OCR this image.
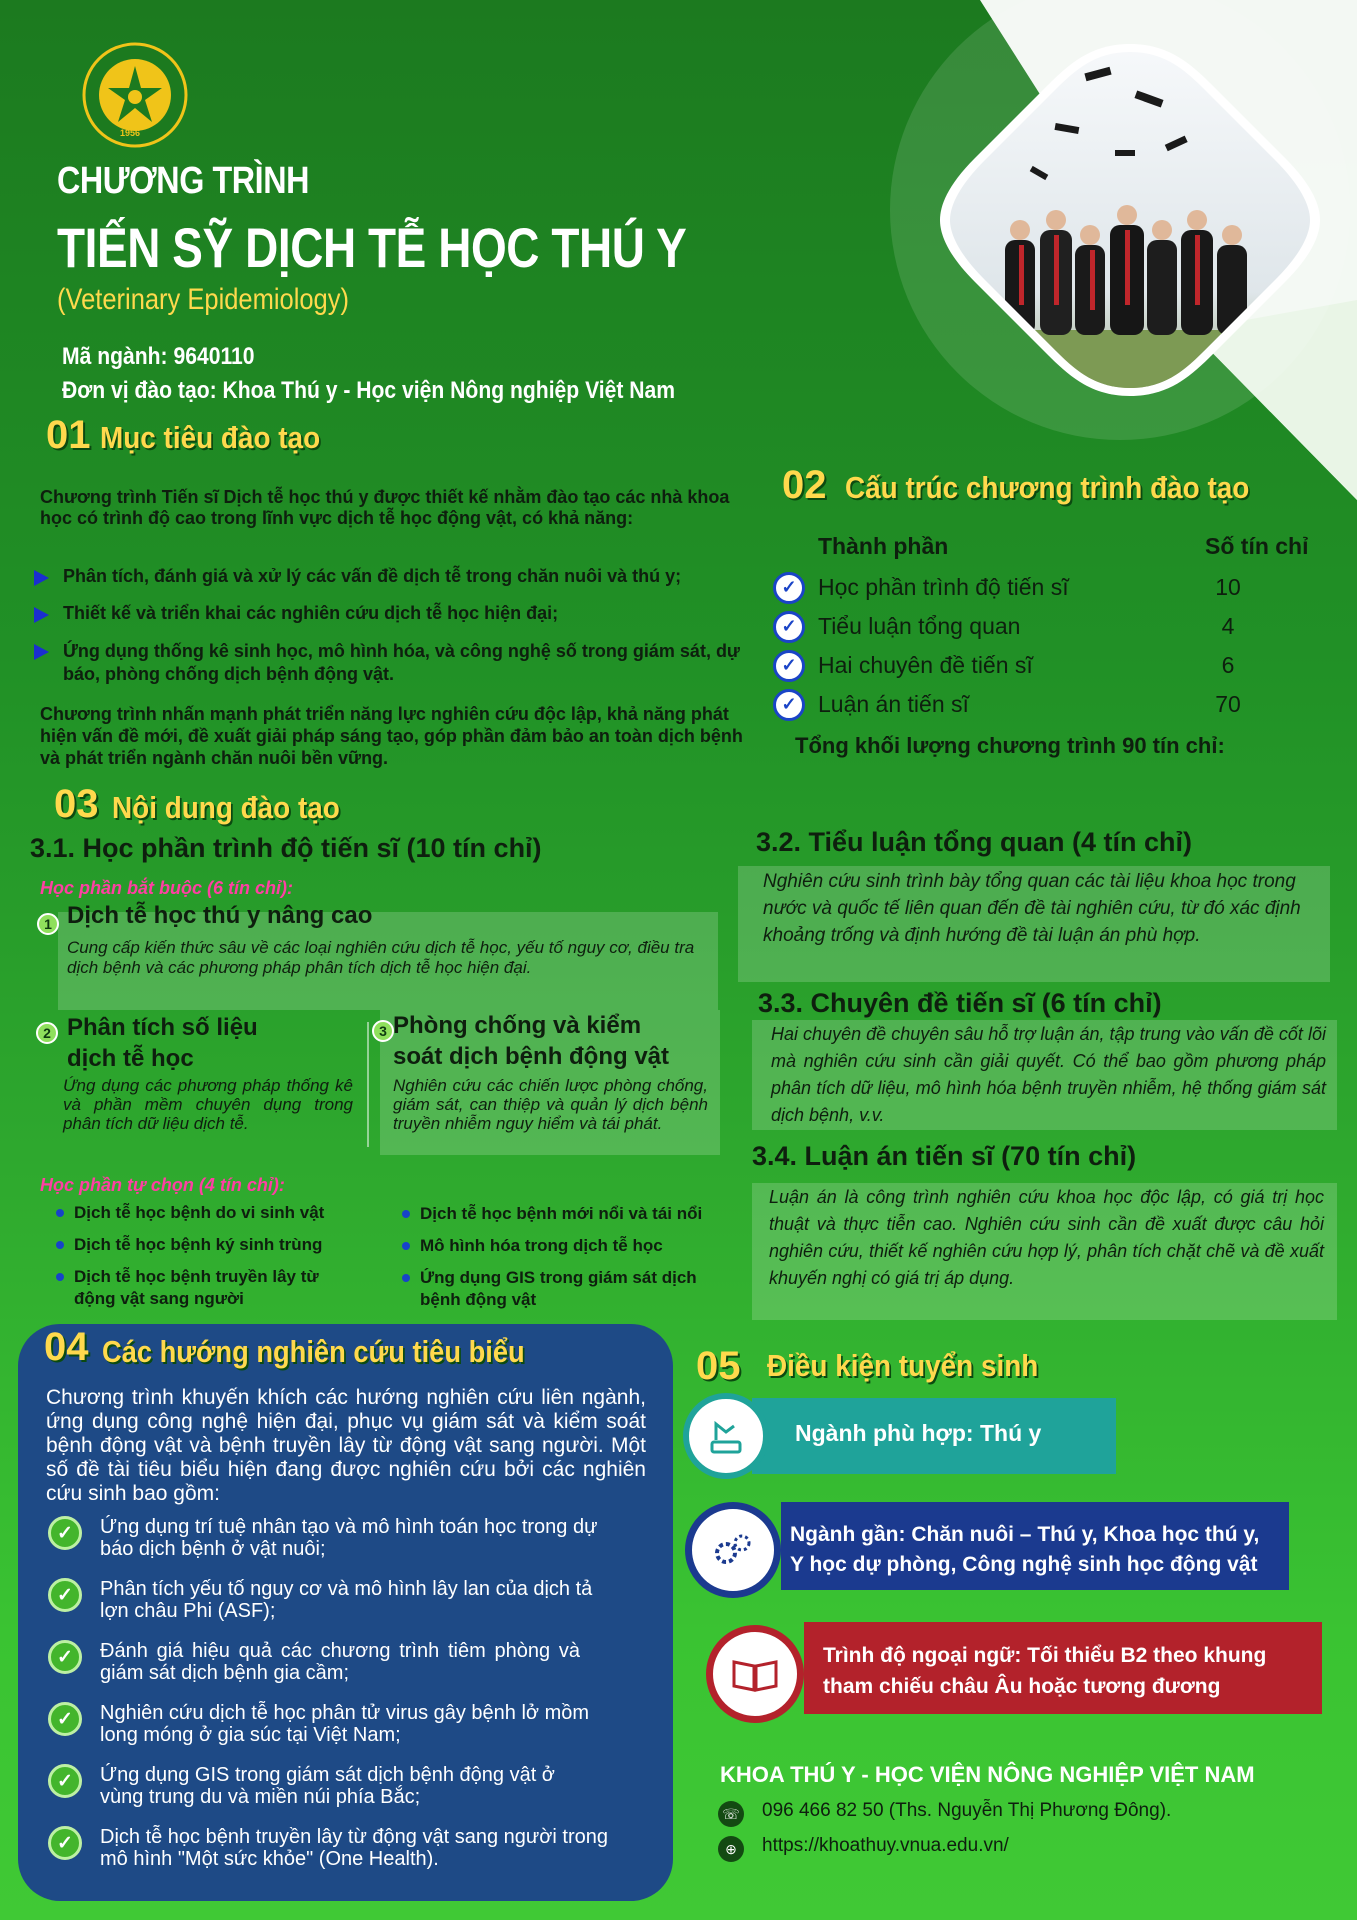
1956
CHƯƠNG TRÌNH
TIẾN SỸ DỊCH TỄ HỌC THÚ Y
(Veterinary Epidemiology)
Mã ngành: 9640110
Đơn vị đào tạo: Khoa Thú y - Học viện Nông nghiệp Việt Nam
01 Mục tiêu đào tạo
Chương trình Tiến sĩ Dịch tễ học thú y được thiết kế nhằm đào tạo các nhà khoa học có trình độ cao trong lĩnh vực dịch tễ học động vật, có khả năng:
Phân tích, đánh giá và xử lý các vấn đề dịch tễ trong chăn nuôi và thú y;
Thiết kế và triển khai các nghiên cứu dịch tễ học hiện đại;
Ứng dụng thống kê sinh học, mô hình hóa, và công nghệ số trong giám sát, dự báo, phòng chống dịch bệnh động vật.
Chương trình nhấn mạnh phát triển năng lực nghiên cứu độc lập, khả năng phát hiện vấn đề mới, đề xuất giải pháp sáng tạo, góp phần đảm bảo an toàn dịch bệnh và phát triển ngành chăn nuôi bền vững.
02 Cấu trúc chương trình đào tạo
Thành phần	Số tín chỉ
✓ Học phần trình độ tiến sĩ	10
✓ Tiểu luận tổng quan	4
✓ Hai chuyên đề tiến sĩ	6
✓ Luận án tiến sĩ	70
Tổng khối lượng chương trình 90 tín chỉ:
03 Nội dung đào tạo
3.1. Học phần trình độ tiến sĩ (10 tín chỉ)
Học phần bắt buộc (6 tín chỉ):
1 Dịch tễ học thú y nâng cao
Cung cấp kiến thức sâu về các loại nghiên cứu dịch tễ học, yếu tố nguy cơ, điều tra dịch bệnh và các phương pháp phân tích dịch tễ học hiện đại.
2 Phân tích số liệu
dịch tễ học
Ứng dụng các phương pháp thống kê và phần mềm chuyên dụng trong phân tích dữ liệu dịch tễ.
3 Phòng chống và kiểm
soát dịch bệnh động vật
Nghiên cứu các chiến lược phòng chống, giám sát, can thiệp và quản lý dịch bệnh truyền nhiễm nguy hiểm và tái phát.
Học phần tự chọn (4 tín chỉ):
Dịch tễ học bệnh do vi sinh vật
Dịch tễ học bệnh ký sinh trùng
Dịch tễ học bệnh truyền lây từ động vật sang người
Dịch tễ học bệnh mới nổi và tái nổi
Mô hình hóa trong dịch tễ học
Ứng dụng GIS trong giám sát dịch bệnh động vật
3.2. Tiểu luận tổng quan (4 tín chỉ)
Nghiên cứu sinh trình bày tổng quan các tài liệu khoa học trong nước và quốc tế liên quan đến đề tài nghiên cứu, từ đó xác định khoảng trống và định hướng đề tài luận án phù hợp.
3.3. Chuyên đề tiến sĩ (6 tín chỉ)
Hai chuyên đề chuyên sâu hỗ trợ luận án, tập trung vào vấn đề cốt lõi mà nghiên cứu sinh cần giải quyết. Có thể bao gồm phương pháp phân tích dữ liệu, mô hình hóa bệnh truyền nhiễm, hệ thống giám sát dịch bệnh, v.v.
3.4. Luận án tiến sĩ (70 tín chỉ)
Luận án là công trình nghiên cứu khoa học độc lập, có giá trị học thuật và thực tiễn cao. Nghiên cứu sinh cần đề xuất được câu hỏi nghiên cứu, thiết kế nghiên cứu hợp lý, phân tích chặt chẽ và đề xuất khuyến nghị có giá trị áp dụng.
04 Các hướng nghiên cứu tiêu biểu
Chương trình khuyến khích các hướng nghiên cứu liên ngành, ứng dụng công nghệ hiện đại, phục vụ giám sát và kiểm soát bệnh động vật và bệnh truyền lây từ động vật sang người. Một số đề tài tiêu biểu hiện đang được nghiên cứu bởi các nghiên cứu sinh bao gồm:
✓	Ứng dụng trí tuệ nhân tạo và mô hình toán học trong dự báo dịch bệnh ở vật nuôi;
✓	Phân tích yếu tố nguy cơ và mô hình lây lan của dịch tả lợn châu Phi (ASF);
✓	Đánh giá hiệu quả các chương trình tiêm phòng và giám sát dịch bệnh gia cầm;
✓	Nghiên cứu dịch tễ học phân tử virus gây bệnh lở mồm long móng ở gia súc tại Việt Nam;
✓	Ứng dụng GIS trong giám sát dịch bệnh động vật ở vùng trung du và miền núi phía Bắc;
✓	Dịch tễ học bệnh truyền lây từ động vật sang người trong mô hình "Một sức khỏe" (One Health).
05 Điều kiện tuyển sinh
Ngành phù hợp: Thú y
Ngành gần: Chăn nuôi – Thú y, Khoa học thú y,
Y học dự phòng, Công nghệ sinh học động vật
Trình độ ngoại ngữ: Tối thiểu B2 theo khung
tham chiếu châu Âu hoặc tương đương
KHOA THÚ Y - HỌC VIỆN NÔNG NGHIỆP VIỆT NAM
☏ 096 466 82 50 (Ths. Nguyễn Thị Phương Đông).
⊕	https://khoathuy.vnua.edu.vn/
